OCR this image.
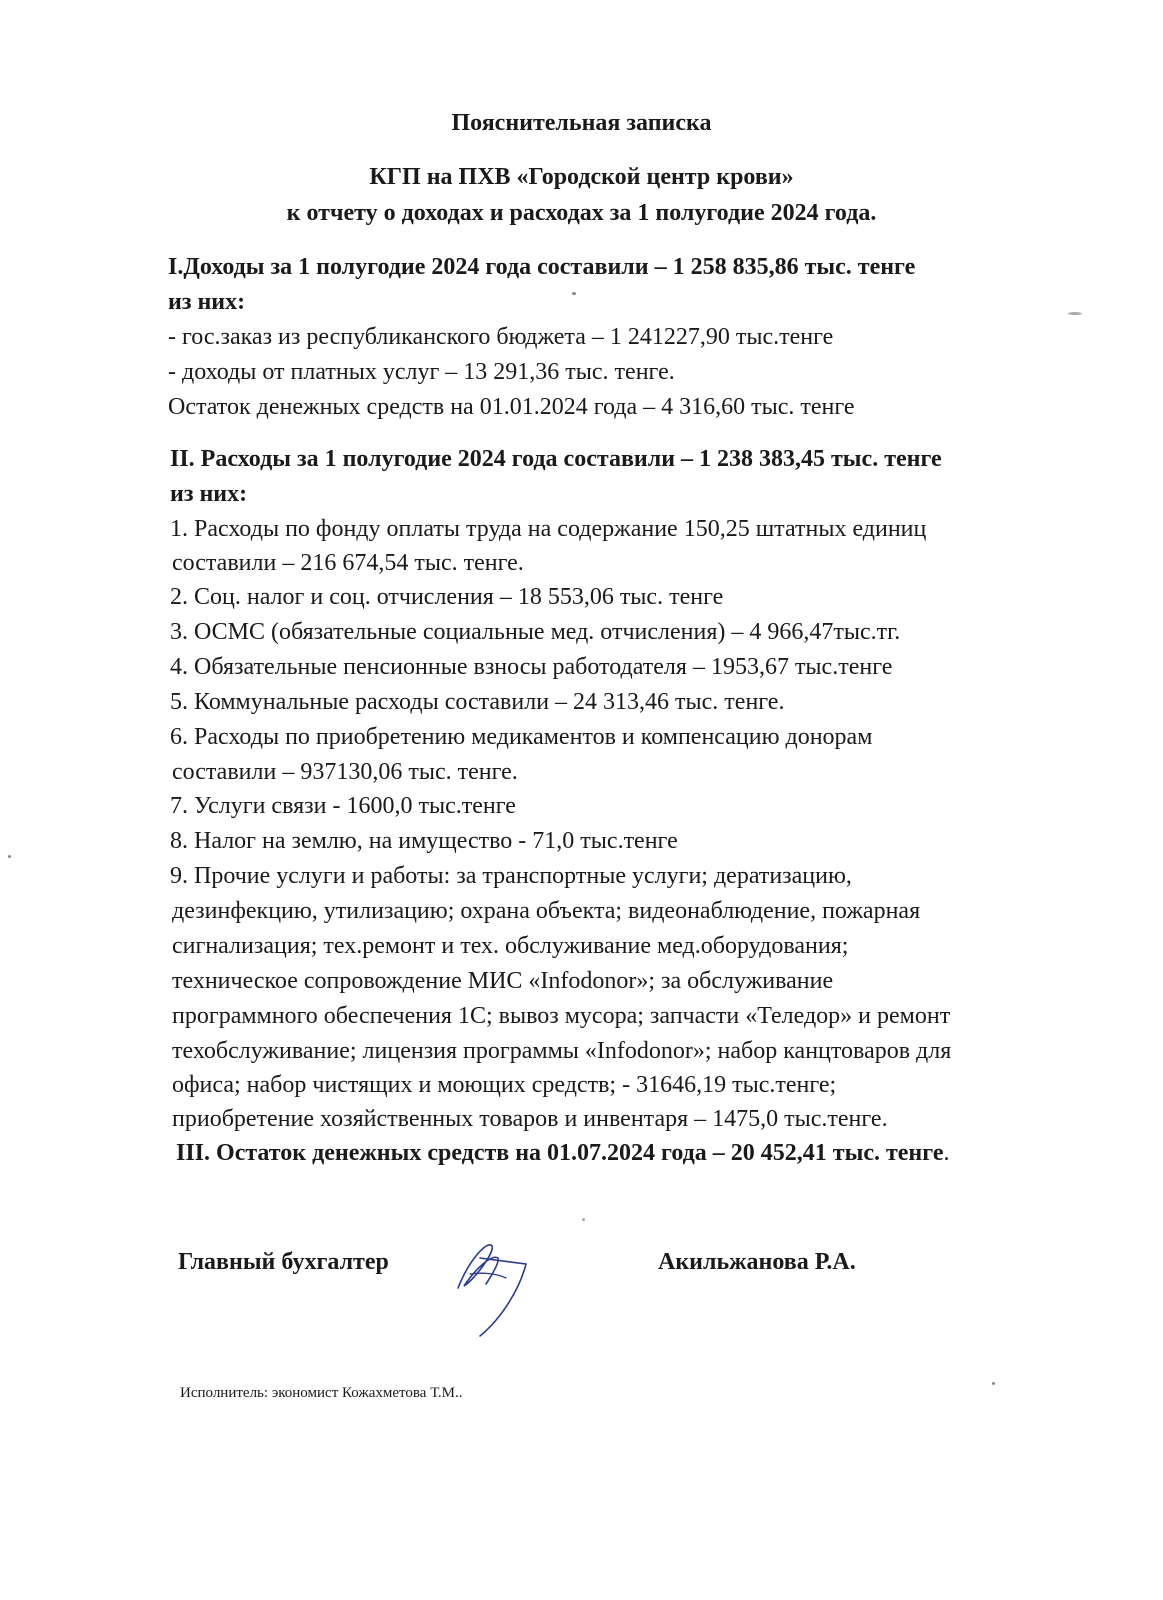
Пояснительная записка
КГП на ПХВ «Городской центр крови»
к отчету о доходах и расходах за 1 полугодие 2024 года.
I.Доходы за 1 полугодие 2024 года составили – 1 258 835,86 тыс. тенге
из них:
- гос.заказ из республиканского бюджета – 1 241227,90 тыс.тенге
- доходы от платных услуг – 13 291,36 тыс. тенге.
Остаток денежных средств на 01.01.2024 года – 4 316,60 тыс. тенге
II. Расходы за 1 полугодие 2024 года составили – 1 238 383,45 тыс. тенге
из них:
1. Расходы по фонду оплаты труда на содержание 150,25 штатных единиц
составили – 216 674,54 тыс. тенге.
2. Соц. налог и соц. отчисления – 18 553,06 тыс. тенге
3. ОСМС (обязательные социальные мед. отчисления) – 4 966,47тыс.тг.
4. Обязательные пенсионные взносы работодателя – 1953,67 тыс.тенге
5. Коммунальные расходы составили – 24 313,46 тыс. тенге.
6. Расходы по приобретению медикаментов и компенсацию донорам
составили – 937130,06 тыс. тенге.
7. Услуги связи - 1600,0 тыс.тенге
8. Налог на землю, на имущество - 71,0 тыс.тенге
9. Прочие услуги и работы: за транспортные услуги; дератизацию,
дезинфекцию, утилизацию; охрана объекта; видеонаблюдение, пожарная
сигнализация; тех.ремонт и тех. обслуживание мед.оборудования;
техническое сопровождение МИС «Infodonor»; за обслуживание
программного обеспечения 1С; вывоз мусора; запчасти «Теледор» и ремонт
техобслуживание; лицензия программы «Infodonor»; набор канцтоваров для
офиса; набор чистящих и моющих средств; - 31646,19 тыс.тенге;
приобретение хозяйственных товаров и инвентаря – 1475,0 тыс.тенге.
III. Остаток денежных средств на 01.07.2024 года – 20 452,41 тыс. тенге.
Главный бухгалтер	Акильжанова Р.А.
Исполнитель: экономист Кожахметова Т.М..
